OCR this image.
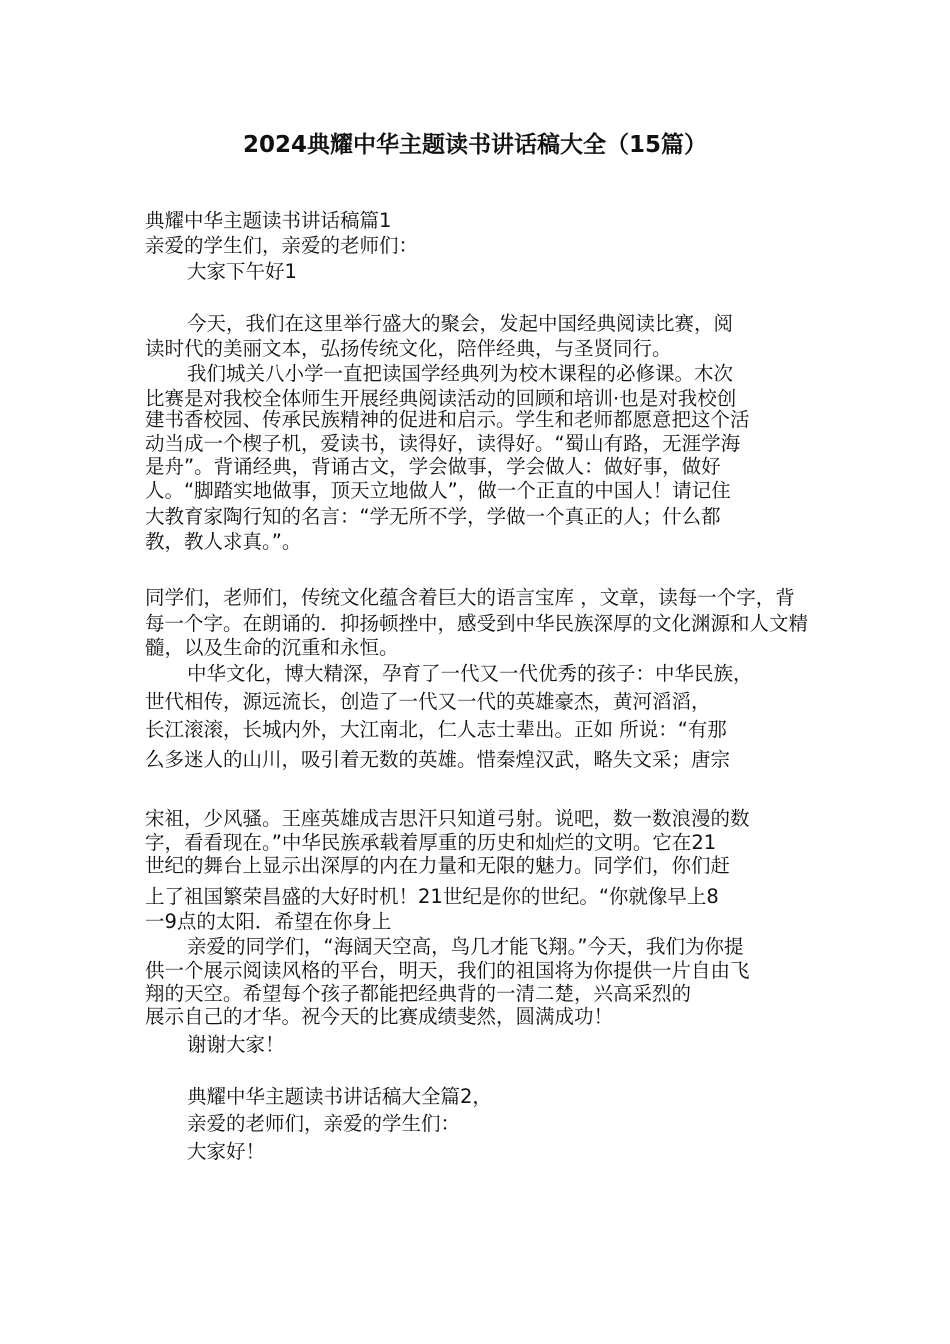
2024典耀中华主题读书讲话稿大全（15篇）
典耀中华主题读书讲话稿篇1
亲爱的学生们，亲爱的老师们：
大家下午好1
今天，我们在这里举行盛大的聚会，发起中国经典阅读比赛，阅
读时代的美丽文本，弘扬传统文化，陪伴经典，与圣贤同行。
我们城关八小学一直把读国学经典列为校木课程的必修课。木次
比赛是对我校全体师生开展经典阅读活动的回顾和培训·也是对我校创
建书香校园、传承民族精神的促进和启示。学生和老师都愿意把这个活
动当成一个楔子机，爱读书，读得好，读得好。“蜀山有路，无涯学海
是舟”。背诵经典，背诵古文，学会做事，学会做人：做好事，做好
人。“脚踏实地做事，顶天立地做人”，做一个正直的中国人！请记住
大教育家陶行知的名言：“学无所不学，学做一个真正的人；什么都
教，教人求真。”。
同学们，老师们，传统文化蕴含着巨大的语言宝库 ，文章，读每一个字，背
每一个字。在朗诵的．抑扬顿挫中，感受到中华民族深厚的文化渊源和人文精
髓，以及生命的沉重和永恒。
中华文化，博大精深，孕育了一代又一代优秀的孩子：中华民族，
世代相传，源远流长，创造了一代又一代的英雄豪杰，黄河滔滔，
长江滚滚，长城内外，大江南北，仁人志士辈出。正如 所说：“有那
么多迷人的山川，吸引着无数的英雄。惜秦煌汉武，略失文采；唐宗
宋祖，少风骚。王座英雄成吉思汗只知道弓射。说吧，数一数浪漫的数
字，看看现在。”中华民族承载着厚重的历史和灿烂的文明。它在21
世纪的舞台上显示出深厚的内在力量和无限的魅力。同学们，你们赶
上了祖国繁荣昌盛的大好时机！21世纪是你的世纪。“你就像早上8
一9点的太阳．希望在你身上
亲爱的同学们，“海阔天空高，鸟几才能飞翔。”今天，我们为你提
供一个展示阅读风格的平台，明天，我们的祖国将为你提供一片自由飞
翔的天空。希望每个孩子都能把经典背的一清二楚，兴高采烈的
展示自己的才华。祝今天的比赛成绩斐然，圆满成功！
谢谢大家！
典耀中华主题读书讲话稿大全篇2，
亲爱的老师们，亲爱的学生们：
大家好！
